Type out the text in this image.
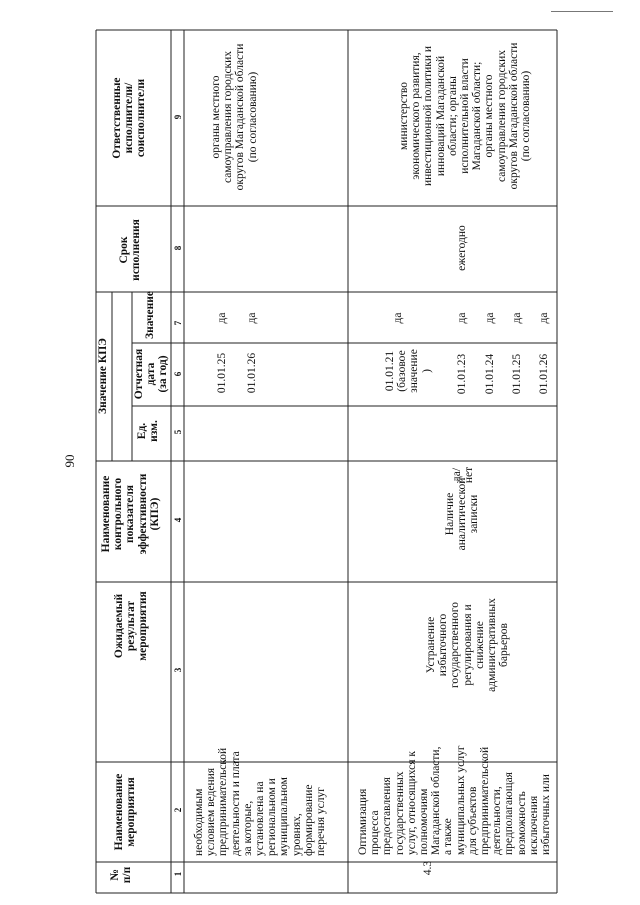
90
№
п/п
Наименование
мероприятия
Ожидаемый
результат
мероприятия
Наименование
контрольного
показателя
эффективности
(КПЭ)
Значение КПЭ
Ед.
изм.
Отчетная
дата
(за год)
Значение
Срок
исполнения
Ответственные
исполнители/
соисполнители
1
2
3
4
5
6
7
8
9
необходимым
условием ведения
предпринимательской
деятельности и плата
за которые,
установлена на
региональном и
муниципальном
уровнях,
формирование
перечня услуг
01.01.25 01.01.26
да да
органы местного
самоуправления городских
округов Магаданской области
(по согласованию)
4.3
Оптимизация
процесса
предоставления
государственных
услуг, относящихся к
полномочиям
Магаданской области,
а также
муниципальных услуг
для субъектов
предпринимательской
деятельности,
предполагающая
возможность
исключения
избыточных или
Устранение
избыточного
государственного
регулирования и
снижение
административных
барьеров
Наличие
аналитической
записки
да/
нет
01.01.21
(базовое
значение
) 01.01.23 01.01.24 01.01.25 01.01.26
да	да да да да
ежегодно
министерство
экономического развития,
инвестиционной политики и
инноваций Магаданской
области; органы
исполнительной власти
Магаданской области;
органы местного
самоуправления городских
округов Магаданской области
(по согласованию)
